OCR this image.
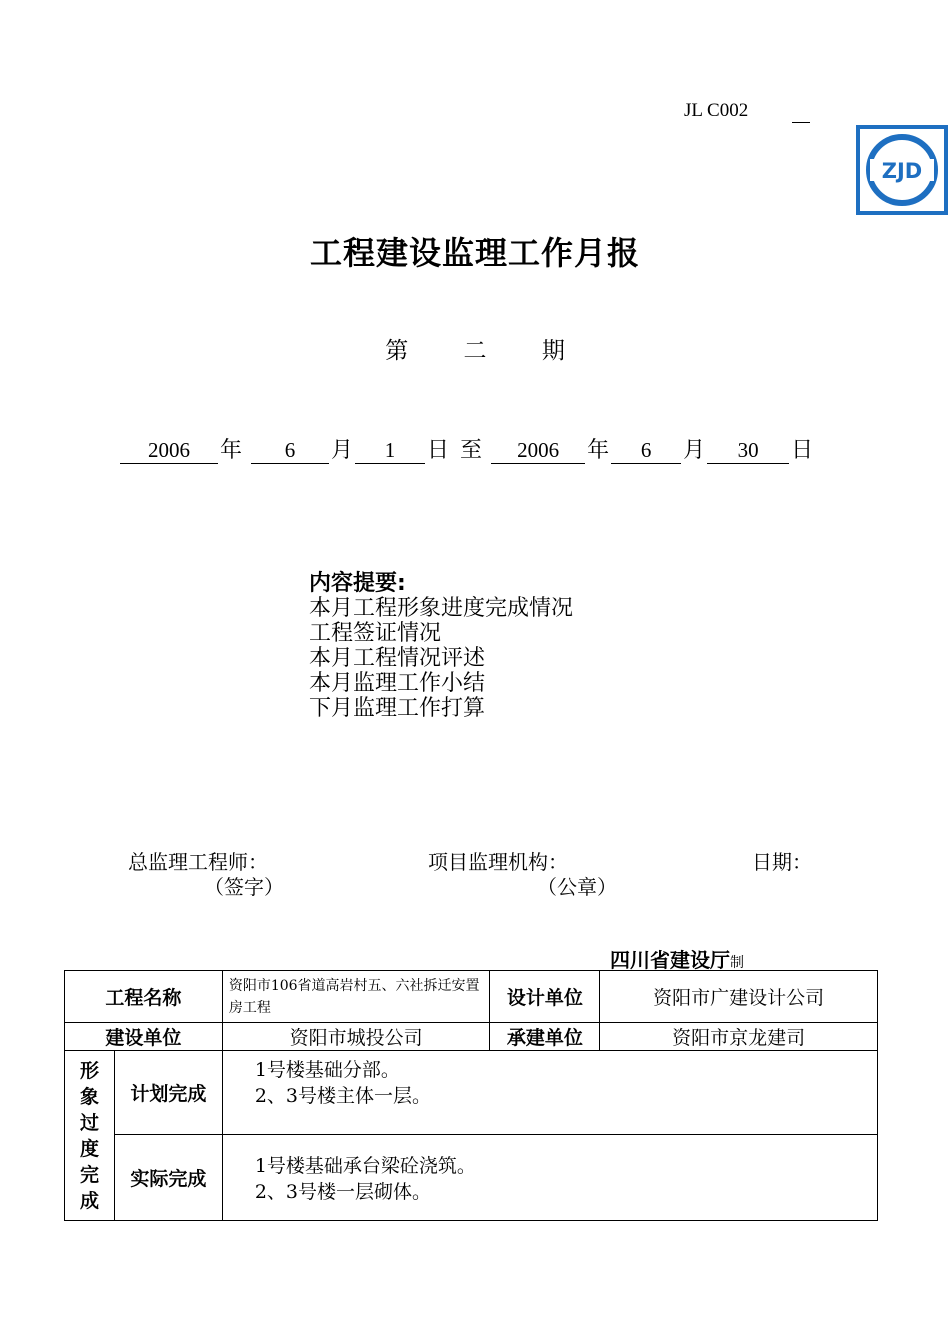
JL C002
ZJD
工程建设监理工作月报
第 二 期
2006 年 6 月 1 日 至 2006 年 6 月 30 日
内容提要:
本月工程形象进度完成情况
工程签证情况
本月工程情况评述
本月监理工作小结
下月监理工作打算
总监理工程师：
（签字）
项目监理机构：
（公章）
日期：
四川省建设厅制
工程名称		资阳市106省道高岩村五、六社拆迁安置房工程	设计单位	资阳市广建设计公司
建设单位		资阳市城投公司	承建单位	资阳市京龙建司

形象过度完成	计划完成	1号楼基础分部。
2、3号楼主体一层。		

	实际完成	1号楼基础承台梁砼浇筑。
2、3号楼一层砌体。		
